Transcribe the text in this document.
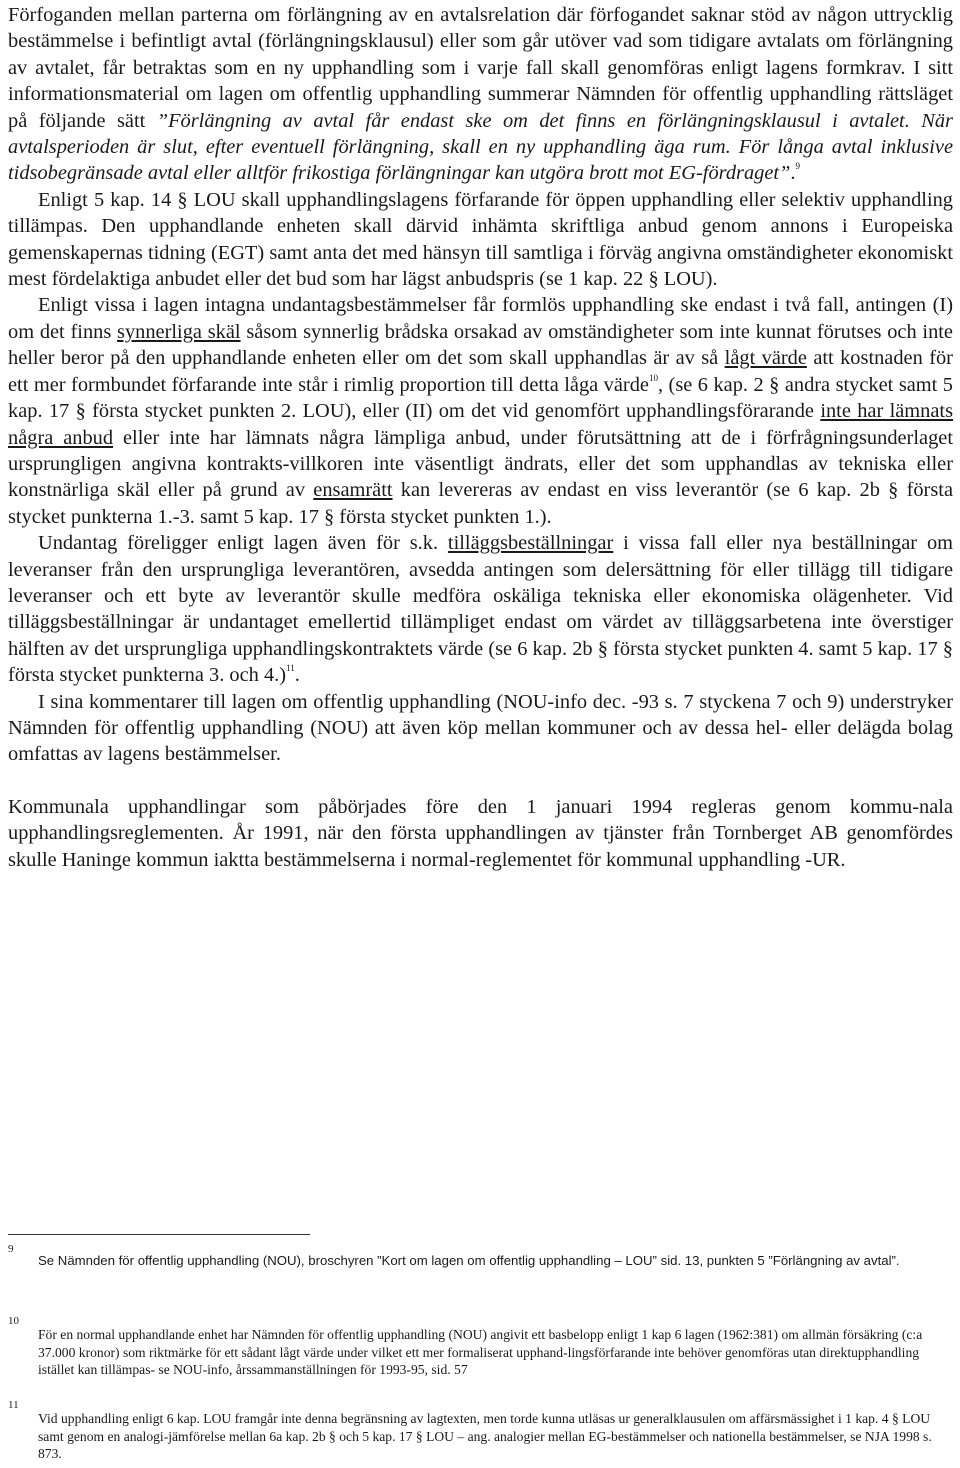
Förfoganden mellan parterna om förlängning av en avtalsrelation där förfogandet saknar stöd av någon uttrycklig bestämmelse i befintligt avtal (förlängningsklausul) eller som går utöver vad som tidigare avtalats om förlängning av avtalet, får betraktas som en ny upphandling som i varje fall skall genomföras enligt lagens formkrav. I sitt informationsmaterial om lagen om offentlig upphandling summerar Nämnden för offentlig upphandling rättsläget på följande sätt ”Förlängning av avtal får endast ske om det finns en förlängningsklausul i avtalet. När avtalsperioden är slut, efter eventuell förlängning, skall en ny upphandling äga rum. För långa avtal inklusive tidsobegränsade avtal eller alltför frikostiga förlängningar kan utgöra brott mot EG-fördraget”.$^9$

Enligt 5 kap. 14 § LOU skall upphandlingslagens förfarande för öppen upphandling eller selektiv upphandling tillämpas. Den upphandlande enheten skall därvid inhämta skriftliga anbud genom annons i Europeiska gemenskapernas tidning (EGT) samt anta det med hänsyn till samtliga i förväg angivna omständigheter ekonomiskt mest fördelaktiga anbudet eller det bud som har lägst anbudspris (se 1 kap. 22 § LOU).

Enligt vissa i lagen intagna undantagsbestämmelser får formlös upphandling ske endast i två fall, antingen (I) om det finns synnerliga skäl såsom synnerlig brådska orsakad av omständigheter som inte kunnat förutses och inte heller beror på den upphandlande enheten eller om det som skall upphandlas är av så lågt värde att kostnaden för ett mer formbundet förfarande inte står i rimlig proportion till detta låga värde$^{10}$, (se 6 kap. 2 § andra stycket samt 5 kap. 17 § första stycket punkten 2. LOU), eller (II) om det vid genomfört upphandlingsförarande inte har lämnats några anbud eller inte har lämnats några lämpliga anbud, under förutsättning att de i förfrågningsunderlaget ursprungligen angivna kontrakts-villkoren inte väsentligt ändrats, eller det som upphandlas av tekniska eller konstnärliga skäl eller på grund av ensamrätt kan levereras av endast en viss leverantör (se 6 kap. 2b § första stycket punkterna 1.-3. samt 5 kap. 17 § första stycket punkten 1.).

Undantag föreligger enligt lagen även för s.k. tilläggsbeställningar i vissa fall eller nya beställningar om leveranser från den ursprungliga leverantören, avsedda antingen som delersättning för eller tillägg till tidigare leveranser och ett byte av leverantör skulle medföra oskäliga tekniska eller ekonomiska olägenheter. Vid tilläggsbeställningar är undantaget emellertid tillämpliget endast om värdet av tilläggsarbetena inte överstiger hälften av det ursprungliga upphandlingskontraktets värde (se 6 kap. 2b § första stycket punkten 4. samt 5 kap. 17 § första stycket punkterna 3. och 4.)$^{11}$.

I sina kommentarer till lagen om offentlig upphandling (NOU-info dec. -93 s. 7 styckena 7 och 9) understryker Nämnden för offentlig upphandling (NOU) att även köp mellan kommuner och av dessa hel- eller delägda bolag omfattas av lagens bestämmelser.

Kommunala upphandlingar som påbörjades före den 1 januari 1994 regleras genom kommu-nala upphandlingsreglementen. År 1991, när den första upphandlingen av tjänster från Tornberget AB genomfördes skulle Haninge kommun iaktta bestämmelserna i normal-reglementet för kommunal upphandling -UR.

9
Se Nämnden för offentlig upphandling (NOU), broschyren ”Kort om lagen om offentlig upphandling – LOU” sid. 13, punkten 5 ”Förlängning av avtal”.
10
För en normal upphandlande enhet har Nämnden för offentlig upphandling (NOU) angivit ett basbelopp enligt 1 kap 6 lagen (1962:381) om allmän försäkring (c:a 37.000 kronor) som riktmärke för ett sådant lågt värde under vilket ett mer formaliserat upphand-lingsförfarande inte behöver genomföras utan direktupphandling istället kan tillämpas- se NOU-info, årssammanställningen för 1993-95, sid. 57
11
Vid upphandling enligt 6 kap. LOU framgår inte denna begränsning av lagtexten, men torde kunna utläsas ur generalklausulen om affärsmässighet i 1 kap. 4 § LOU samt genom en analogi-jämförelse mellan 6a kap. 2b § och 5 kap. 17 § LOU – ang. analogier mellan EG-bestämmelser och nationella bestämmelser, se NJA 1998 s. 873.
